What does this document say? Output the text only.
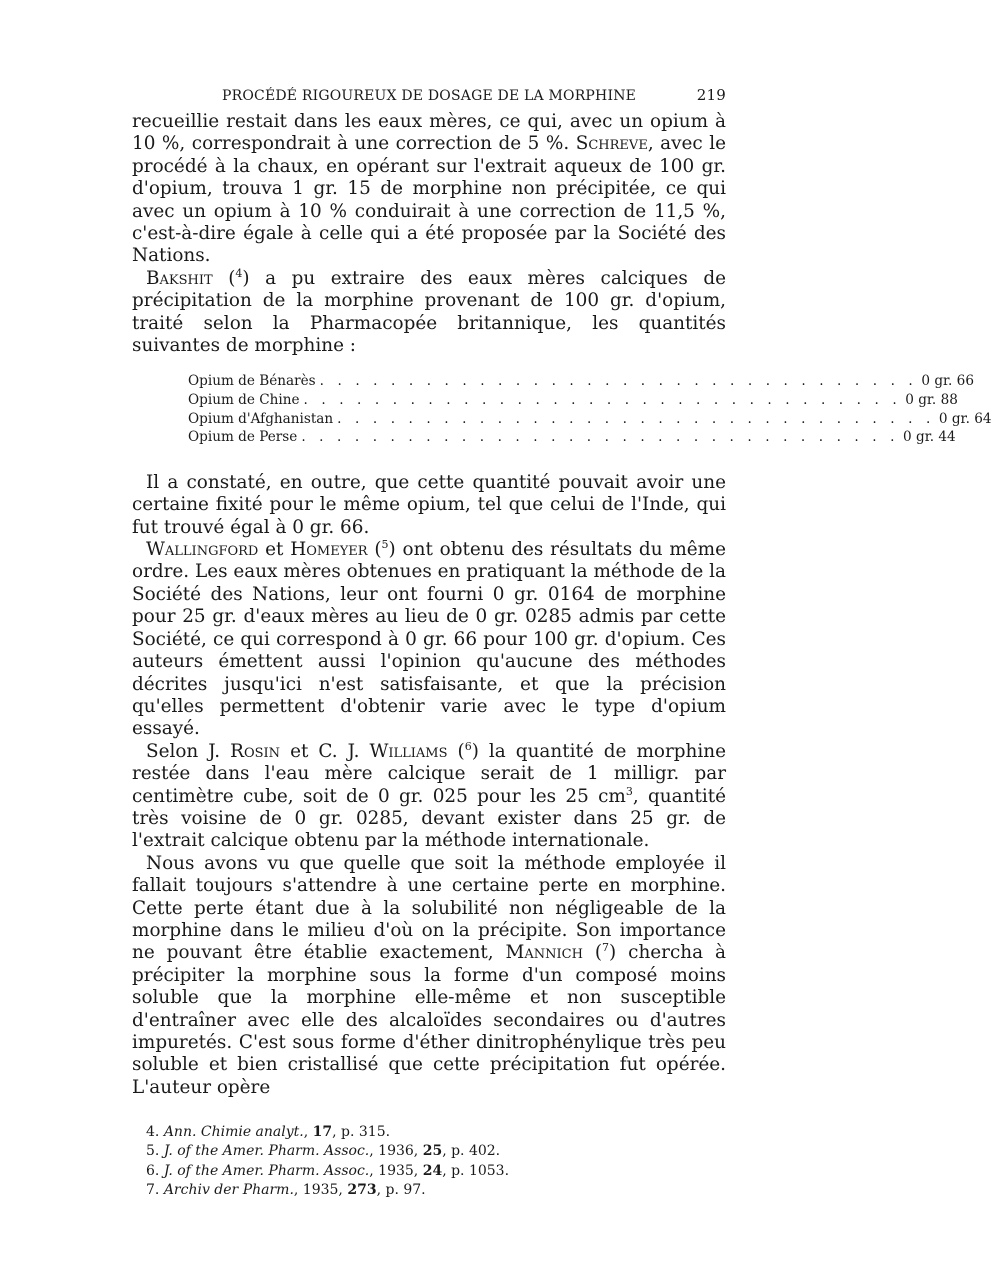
PROCÉDÉ RIGOUREUX DE DOSAGE DE LA MORPHINE	219

recueillie restait dans les eaux mères, ce qui, avec un opium à 10 %, correspondrait à une correction de 5 %. Schreve, avec le procédé à la chaux, en opérant sur l'extrait aqueux de 100 gr. d'opium, trouva 1 gr. 15 de morphine non précipitée, ce qui avec un opium à 10 % conduirait à une correction de 11,5 %, c'est-à-dire égale à celle qui a été proposée par la Société des Nations.

Bakshit ($^4$) a pu extraire des eaux mères calciques de précipitation de la morphine provenant de 100 gr. d'opium, traité selon la Pharmacopée britannique, les quantités suivantes de morphine :

Opium de Bénarès . . . . . . . . . . . . . . . . . . . . . . . . . . . . . . . . . . 0 gr. 66
Opium de Chine . . . . . . . . . . . . . . . . . . . . . . . . . . . . . . . . . . 0 gr. 88
Opium d'Afghanistan . . . . . . . . . . . . . . . . . . . . . . . . . . . . . . . . . . 0 gr. 64
Opium de Perse . . . . . . . . . . . . . . . . . . . . . . . . . . . . . . . . . . 0 gr. 44

Il a constaté, en outre, que cette quantité pouvait avoir une certaine fixité pour le même opium, tel que celui de l'Inde, qui fut trouvé égal à 0 gr. 66.

Wallingford et Homeyer ($^5$) ont obtenu des résultats du même ordre. Les eaux mères obtenues en pratiquant la méthode de la Société des Nations, leur ont fourni 0 gr. 0164 de morphine pour 25 gr. d'eaux mères au lieu de 0 gr. 0285 admis par cette Société, ce qui correspond à 0 gr. 66 pour 100 gr. d'opium. Ces auteurs émettent aussi l'opinion qu'aucune des méthodes décrites jusqu'ici n'est satisfaisante, et que la précision qu'elles permettent d'obtenir varie avec le type d'opium essayé.

Selon J. Rosin et C. J. Williams ($^6$) la quantité de morphine restée dans l'eau mère calcique serait de 1 milligr. par centimètre cube, soit de 0 gr. 025 pour les 25 $cm^3$, quantité très voisine de 0 gr. 0285, devant exister dans 25 gr. de l'extrait calcique obtenu par la méthode internationale.

Nous avons vu que quelle que soit la méthode employée il fallait toujours s'attendre à une certaine perte en morphine. Cette perte étant due à la solubilité non négligeable de la morphine dans le milieu d'où on la précipite. Son importance ne pouvant être établie exactement, Mannich ($^7$) chercha à précipiter la morphine sous la forme d'un composé moins soluble que la morphine elle-même et non susceptible d'entraîner avec elle des alcaloïdes secondaires ou d'autres impuretés. C'est sous forme d'éther dinitrophénylique très peu soluble et bien cristallisé que cette précipitation fut opérée. L'auteur opère

4. Ann. Chimie analyt., 17, p. 315.
5. J. of the Amer. Pharm. Assoc., 1936, 25, p. 402.
6. J. of the Amer. Pharm. Assoc., 1935, 24, p. 1053.
7. Archiv der Pharm., 1935, 273, p. 97.
